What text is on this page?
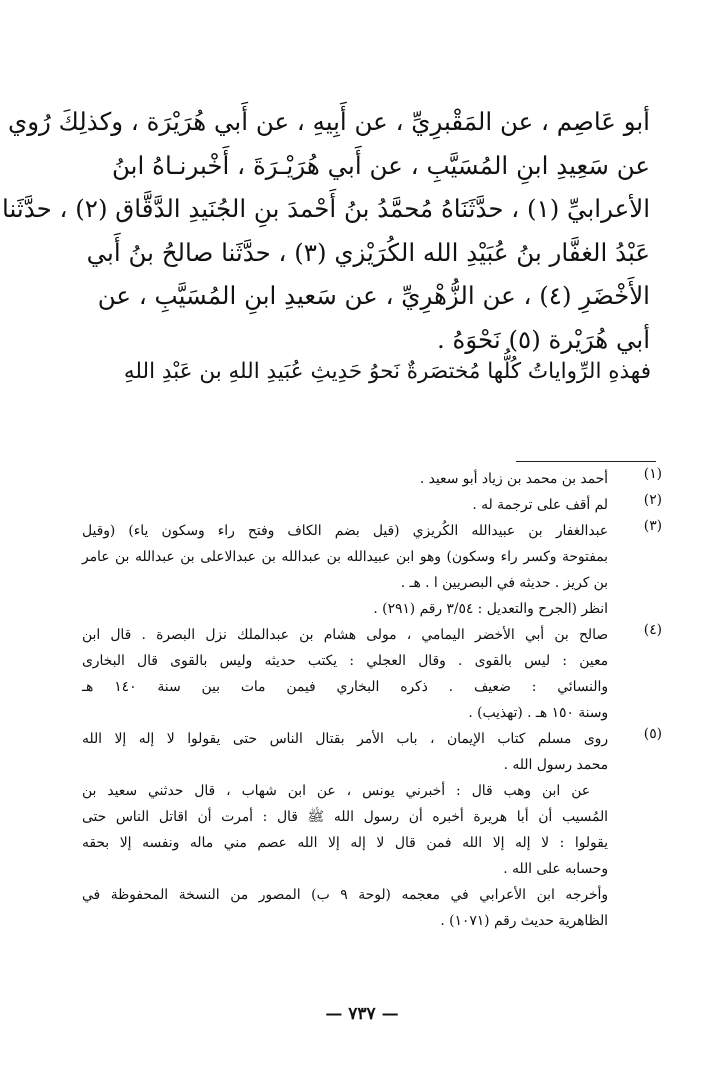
أبو عَاصِم ، عن المَقْبرِيِّ ، عن أَبِيهِ ، عن أَبي هُرَيْرَة ، وكذلِكَ رُوي
عن سَعِيدِ ابنِ المُسَيَّبِ ، عن أَبي هُرَيْـرَةَ ، أَخْبرنـاهُ ابنُ
الأعرابيِّ (١) ، حدَّثَنَاهُ مُحمَّدُ بنُ أَحْمدَ بنِ الجُنَيدِ الدَّقَّاق (٢) ، حدَّثَنا
عَبْدُ الغفَّار بنُ عُبَيْدِ الله الكُرَيْزي (٣) ، حدَّثَنا صالحُ بنُ أَبي
الأَخْضَرِ (٤) ، عن الزُّهْرِيِّ ، عن سَعيدِ ابنِ المُسَيَّبِ ، عن
أبي هُرَيْرة (٥) نَحْوَهُ .
فهذهِ الرِّواياتُ كُلُّها مُختصَرةٌ نَحوُ حَدِيثِ عُبَيدِ اللهِ بن عَبْدِ اللهِ
(١)
أحمد بن محمد بن زياد أبو سعيد .
(٢)
لم أقف على ترجمة له .
(٣)
عبدالغفار بن عبيدالله الكُريزي (قيل بضم الكاف وفتح راء وسكون ياء) (وقيل
بمفتوحة وكسر راء وسكون) وهو ابن عبيدالله بن عبدالله بن عبدالاعلى بن عبدالله بن عامر
بن كريز . حديثه في البصريين ا . هـ .
انظر (الجرح والتعديل : ٣/٥٤ رقم (٢٩١) .
(٤)
صالح بن أبي الأخضر اليمامي ، مولى هشام بن عبدالملك نزل البصرة . قال ابن
معين : ليس بالقوى . وقال العجلي : يكتب حديثه وليس بالقوى قال البخارى
والنسائي : ضعيف . ذكره البخاري فيمن مات بين سنة ١٤٠ هـ
وسنة ١٥٠ هـ . (تهذيب) .
(٥)
روى مسلم كتاب الإيمان ، باب الأمر بقتال الناس حتى يقولوا لا إله إلا الله
محمد رسول الله .
عن ابن وهب قال : أخبرني يونس ، عن ابن شهاب ، قال حدثني سعيد بن
المُسيب أن أبا هريرة أخبره أن رسول الله ﷺ قال : أمرت أن اقاتل الناس حتى
يقولوا : لا إله إلا الله فمن قال لا إله إلا الله عصم مني ماله ونفسه إلا بحقه
وحسابه على الله .
وأخرجه ابن الأعرابي في معجمه (لوحة ٩ ب) المصور من النسخة المحفوظة في
الظاهرية حديث رقم (١٠٧١) .
— ٧٣٧ —
